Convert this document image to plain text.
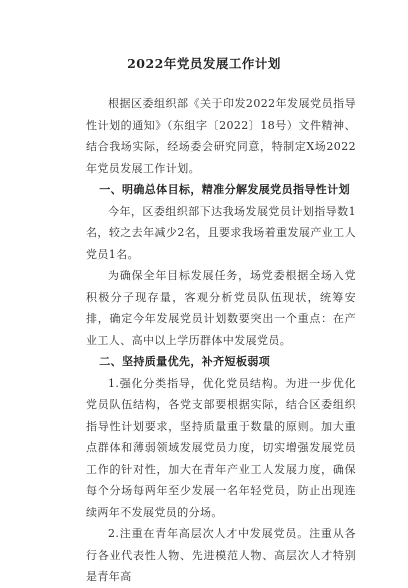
2022年党员发展工作计划

根据区委组织部《关于印发2022年发展党员指导性计划的通知》（东组字〔2022〕18号）文件精神、结合我场实际，经场委会研究同意，特制定X场2022年党员发展工作计划。

一、明确总体目标，精准分解发展党员指导性计划

今年，区委组织部下达我场发展党员计划指导数1名，较之去年减少2名，且要求我场着重发展产业工人党员1名。

为确保全年目标发展任务，场党委根据全场入党积极分子现存量，客观分析党员队伍现状，统筹安排，确定今年发展党员计划数要突出一个重点：在产业工人、高中以上学历群体中发展党员。

二、坚持质量优先，补齐短板弱项

1.强化分类指导，优化党员结构。为进一步优化党员队伍结构，各党支部要根据实际，结合区委组织指导性计划要求，坚持质量重于数量的原则。加大重点群体和薄弱领域发展党员力度，切实增强发展党员工作的针对性，加大在青年产业工人发展力度，确保每个分场每两年至少发展一名年轻党员，防止出现连续两年不发展党员的分场。

2.注重在青年高层次人才中发展党员。注重从各行各业代表性人物、先进模范人物、高层次人才特别是青年高
